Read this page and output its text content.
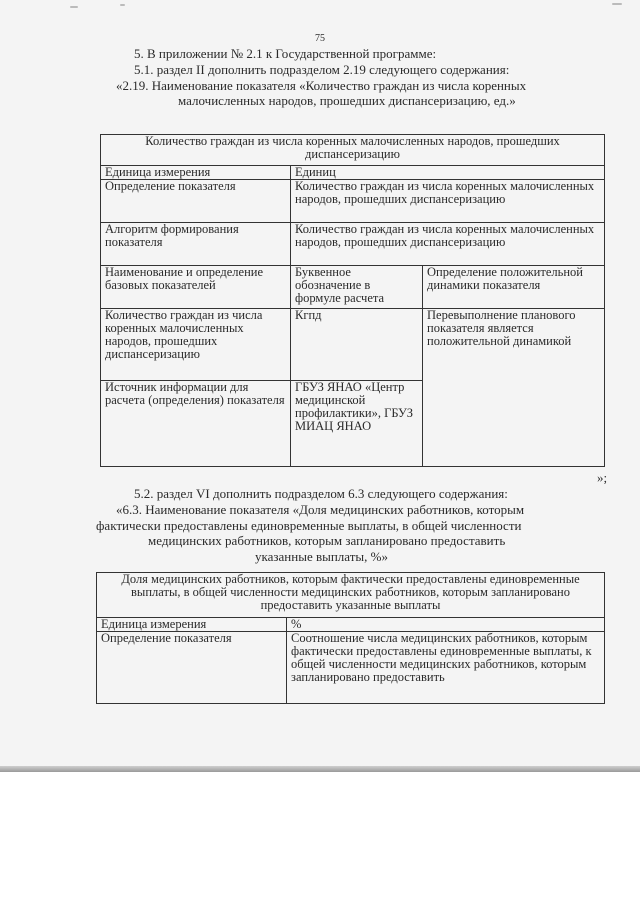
75
5. В приложении № 2.1 к Государственной программе:
5.1. раздел II дополнить подразделом 2.19 следующего содержания:
«2.19. Наименование показателя «Количество граждан из числа коренных
малочисленных народов, прошедших диспансеризацию, ед.»
Количество граждан из числа коренных малочисленных народов, прошедших диспансеризацию		
Единица измерения	Единиц	
Определение показателя	Количество граждан из числа коренных малочисленных народов, прошедших диспансеризацию	
Алгоритм формирования показателя	Количество граждан из числа коренных малочисленных народов, прошедших диспансеризацию	
Наименование и определение базовых показателей	Буквенное обозначение в формуле расчета	Определение положительной динамики показателя
Количество граждан из числа коренных малочисленных народов, прошедших диспансеризацию	Кгпд	Перевыполнение планового показателя является положительной динамикой
Источник информации для расчета (определения) показателя	ГБУЗ ЯНАО «Центр медицинской профилактики», ГБУЗ МИАЦ ЯНАО	
»;
5.2. раздел VI дополнить подразделом 6.3 следующего содержания:
«6.3. Наименование показателя «Доля медицинских работников, которым
фактически предоставлены единовременные выплаты, в общей численности
медицинских работников, которым запланировано предоставить
указанные выплаты, %»
Доля медицинских работников, которым фактически предоставлены единовременные выплаты, в общей численности медицинских работников, которым запланировано предоставить указанные выплаты	
Единица измерения	%
Определение показателя	Соотношение числа медицинских работников, которым фактически предоставлены единовременные выплаты, к общей численности медицинских работников, которым запланировано предоставить
